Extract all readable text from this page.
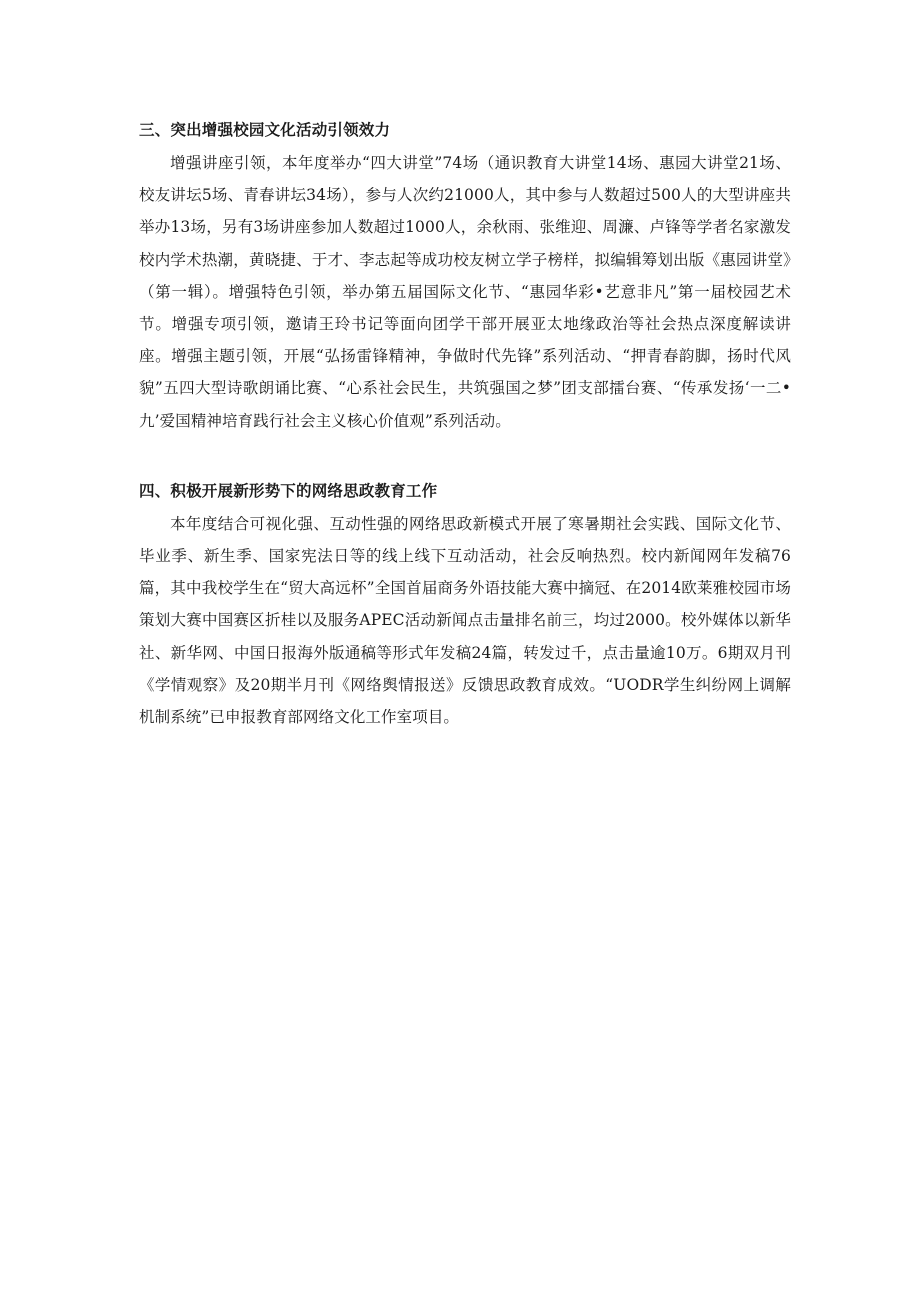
三、突出增强校园文化活动引领效力

增强讲座引领，本年度举办“四大讲堂”74场（通识教育大讲堂14场、惠园大讲堂21场、校友讲坛5场、青春讲坛34场），参与人次约21000人，其中参与人数超过500人的大型讲座共举办13场，另有3场讲座参加人数超过1000人，余秋雨、张维迎、周濂、卢锋等学者名家激发校内学术热潮，黄晓捷、于才、李志起等成功校友树立学子榜样，拟编辑筹划出版《惠园讲堂》（第一辑）。增强特色引领，举办第五届国际文化节、“惠园华彩•艺意非凡”第一届校园艺术节。增强专项引领，邀请王玲书记等面向团学干部开展亚太地缘政治等社会热点深度解读讲座。增强主题引领，开展“弘扬雷锋精神，争做时代先锋”系列活动、“押青春韵脚，扬时代风貌”五四大型诗歌朗诵比赛、“心系社会民生，共筑强国之梦”团支部擂台赛、“传承发扬‘一二•九’爱国精神培育践行社会主义核心价值观”系列活动。

四、积极开展新形势下的网络思政教育工作

本年度结合可视化强、互动性强的网络思政新模式开展了寒暑期社会实践、国际文化节、毕业季、新生季、国家宪法日等的线上线下互动活动，社会反响热烈。校内新闻网年发稿76篇，其中我校学生在“贸大高远杯”全国首届商务外语技能大赛中摘冠、在2014欧莱雅校园市场策划大赛中国赛区折桂以及服务APEC活动新闻点击量排名前三，均过2000。校外媒体以新华社、新华网、中国日报海外版通稿等形式年发稿24篇，转发过千，点击量逾10万。6期双月刊《学情观察》及20期半月刊《网络舆情报送》反馈思政教育成效。“UODR学生纠纷网上调解机制系统”已申报教育部网络文化工作室项目。
